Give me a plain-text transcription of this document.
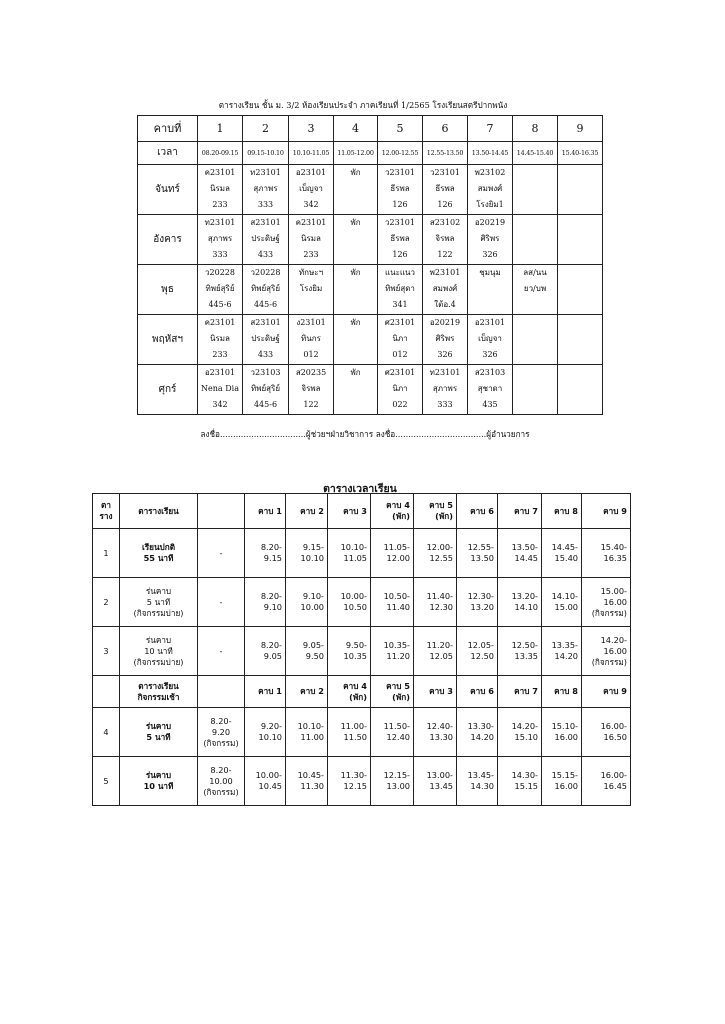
ตารางเรียน ชั้น ม. 3/2 ห้องเรียนประจำ ภาคเรียนที่ 1/2565 โรงเรียนสตรีปากพนัง
คาบที่	1	2	3	4	5	6	7	8	9
เวลา	08.20-09.15	09.15-10.10	10.10-11.05	11.05-12.00	12.00-12.55	12.55-13.50	13.50-14.45	14.45-15.40	15.40-16.35
จันทร์	ค23101
นิรมล
233	ท23101
สุภาพร
333	อ23101
เบ็ญจา
342	พัก	ว23101
ธีรพล
126	ว23101
ธีรพล
126	พ23102
สมพงศ์
โรงยิม1		

อังคาร	ท23101
สุภาพร
333	ส23101
ประดิษฐ์
433	ค23101
นิรมล
233	พัก	ว23101
ธีรพล
126	ส23102
จิรพล
122	อ20219
ศิริพร
326		

พุธ	ว20228
ทิพย์สุริย์
445-6	ว20228
ทิพย์สุริย์
445-6	ทักษะฯ
โรงยิม	พัก	แนะแนว
ทิพย์สุดา
341	พ23101
สมพงศ์
ใต้อ.4	ชุมนุม	ลส/นน
ยว/บพ	

พฤหัสฯ	ค23101
นิรมล
233	ส23101
ประดิษฐ์
433	ง23101
ทินกร
012	พัก	ศ23101
นิภา
012	อ20219
ศิริพร
326	อ23101
เบ็ญจา
326		

ศุกร์	อ23101
Nena Dia
342	ว23103
ทิพย์สุริย์
445-6	ส20235
จิรพล
122	พัก	ศ23101
นิภา
022	ท23101
สุภาพร
333	ส23103
สุชาดา
435		

ลงชื่อ.................................ผู้ช่วยฯฝ่ายวิชาการ ลงชื่อ...................................ผู้อำนวยการ
ตารางเวลาเรียน
ตา
ราง	ตารางเรียน		คาบ 1	คาบ 2	คาบ 3	คาบ 4
(พัก)	คาบ 5
(พัก)	คาบ 6	คาบ 7	คาบ 8	คาบ 9

1	เรียนปกติ
55 นาที	-	8.20-
9.15	9.15-
10.10	10.10-
11.05	11.05-
12.00	12.00-
12.55	12.55-
13.50	13.50-
14.45	14.45-
15.40	15.40-
16.35

2	ร่นคาบ
5 นาที
(กิจกรรมบ่าย)	-	8.20-
9.10	9.10-
10.00	10.00-
10.50	10.50-
11.40	11.40-
12.30	12.30-
13.20	13.20-
14.10	14.10-
15.00	15.00-
16.00
(กิจกรรม)

3	ร่นคาบ
10 นาที
(กิจกรรมบ่าย)	-	8.20-
9.05	9.05-
9.50	9.50-
10.35	10.35-
11.20	11.20-
12.05	12.05-
12.50	12.50-
13.35	13.35-
14.20	14.20-
16.00
(กิจกรรม)

	ตารางเรียน
กิจกรรมเช้า		คาบ 1	คาบ 2	คาบ 4
(พัก)	คาบ 5
(พัก)	คาบ 3	คาบ 6	คาบ 7	คาบ 8	คาบ 9

4	ร่นคาบ
5 นาที	8.20-
9.20
(กิจกรรม)	9.20-
10.10	10.10-
11.00	11.00-
11.50	11.50-
12.40	12.40-
13.30	13.30-
14.20	14.20-
15.10	15.10-
16.00	16.00-
16.50

5	ร่นคาบ
10 นาที	8.20-
10.00
(กิจกรรม)	10.00-
10.45	10.45-
11.30	11.30-
12.15	12.15-
13.00	13.00-
13.45	13.45-
14.30	14.30-
15.15	15.15-
16.00	16.00-
16.45
